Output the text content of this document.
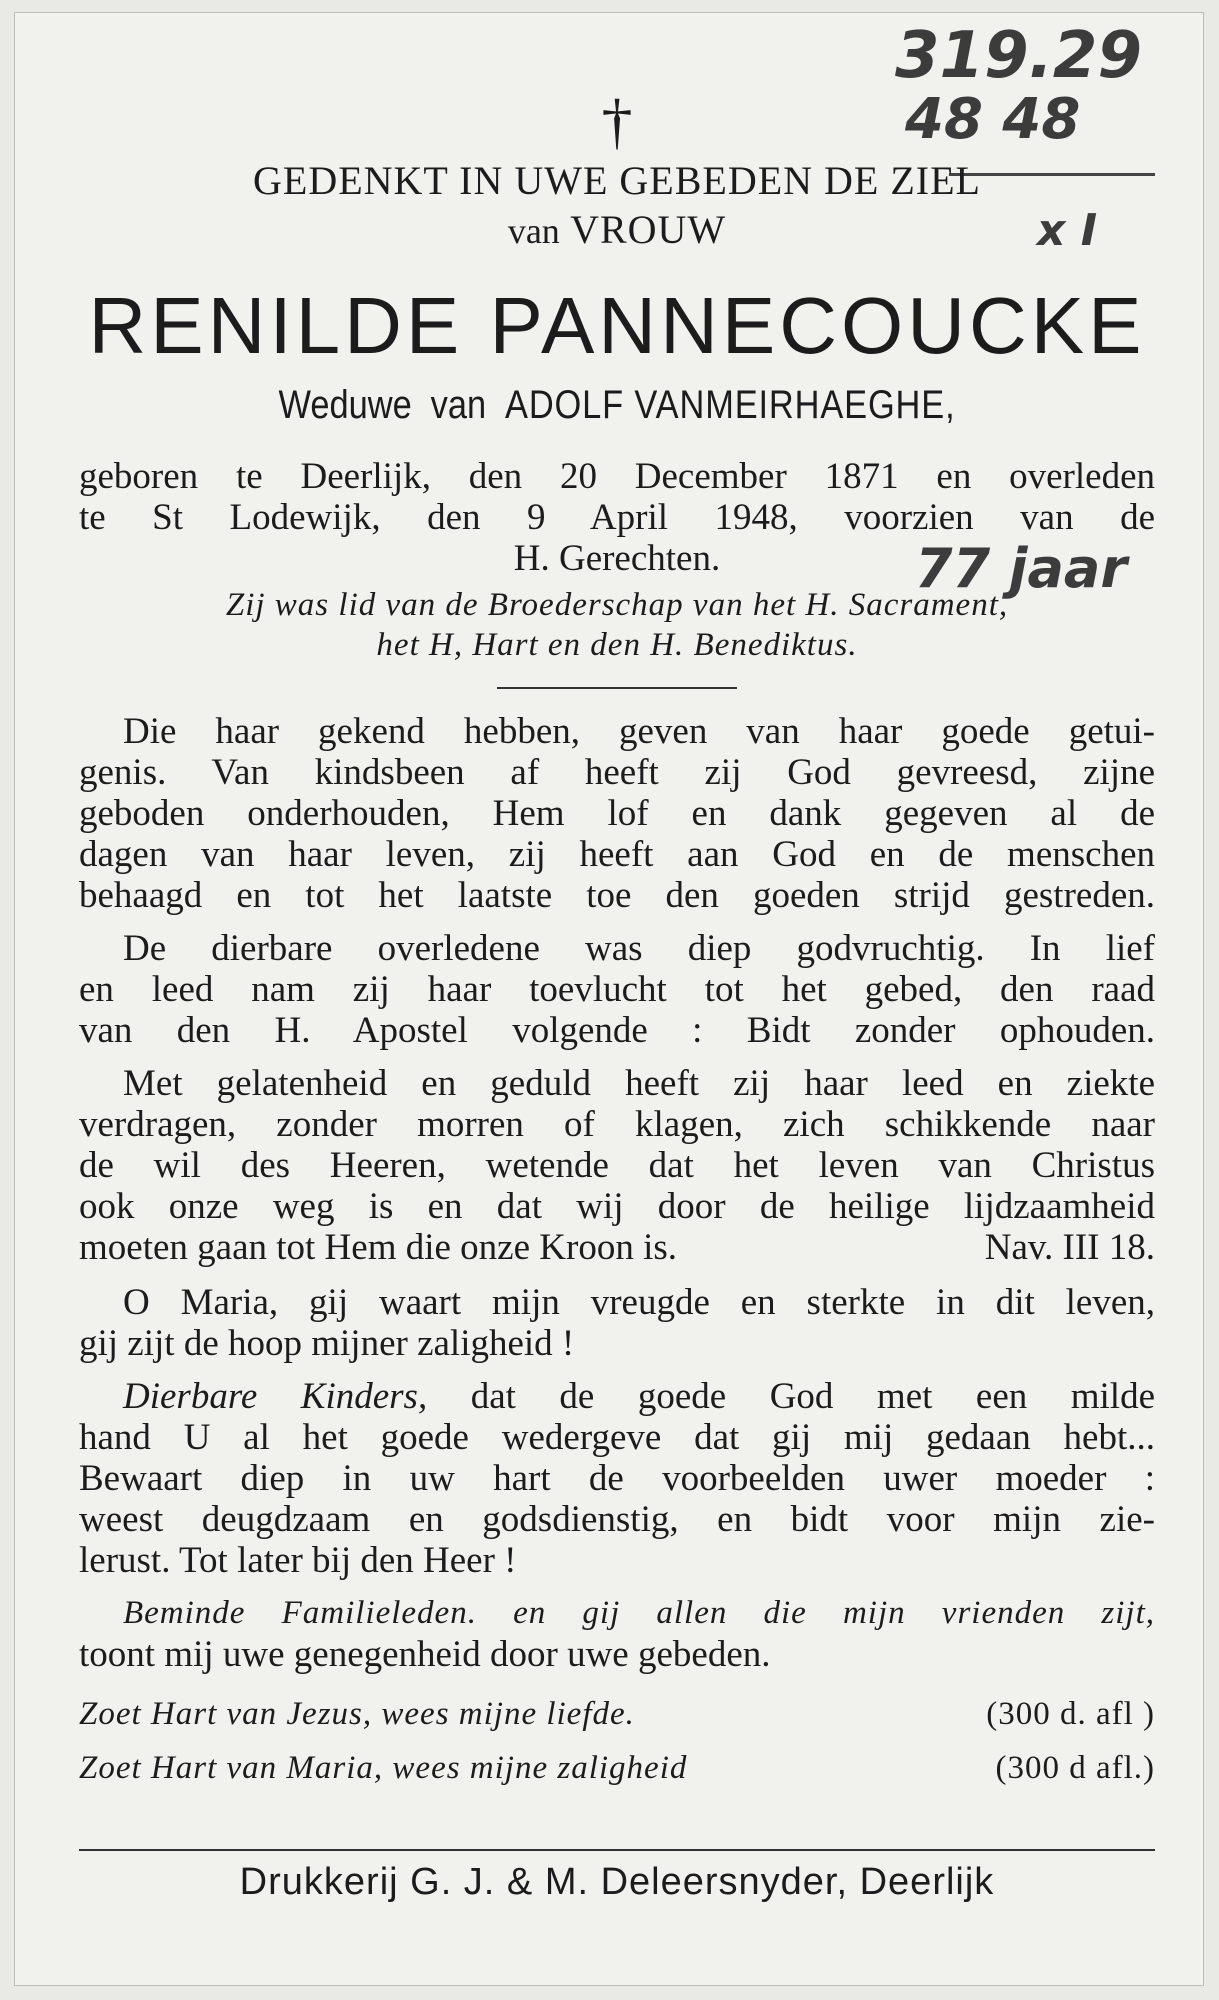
319.29
48 48
x I
77 jaar
†
GEDENKT IN UWE GEBEDEN DE ZIEL
van VROUW
RENILDE PANNECOUCKE
Weduwe van ADOLF VANMEIRHAEGHE,
geboren te Deerlijk, den 20 December 1871 en overleden
te St Lodewijk, den 9 April 1948, voorzien van de
H. Gerechten.
Zij was lid van de Broederschap van het H. Sacrament,
het H, Hart en den H. Benediktus.
Die haar gekend hebben, geven van haar goede getui-
genis. Van kindsbeen af heeft zij God gevreesd, zijne
geboden onderhouden, Hem lof en dank gegeven al de
dagen van haar leven, zij heeft aan God en de menschen
behaagd en tot het laatste toe den goeden strijd gestreden.
De dierbare overledene was diep godvruchtig. In lief
en leed nam zij haar toevlucht tot het gebed, den raad
van den H. Apostel volgende : Bidt zonder ophouden.
Met gelatenheid en geduld heeft zij haar leed en ziekte
verdragen, zonder morren of klagen, zich schikkende naar
de wil des Heeren, wetende dat het leven van Christus
ook onze weg is en dat wij door de heilige lijdzaamheid
moeten gaan tot Hem die onze Kroon is.	Nav. III 18.
O Maria, gij waart mijn vreugde en sterkte in dit leven,
gij zijt de hoop mijner zaligheid !
Dierbare Kinders, dat de goede God met een milde
hand U al het goede wedergeve dat gij mij gedaan hebt...
Bewaart diep in uw hart de voorbeelden uwer moeder :
weest deugdzaam en godsdienstig, en bidt voor mijn zie-
lerust. Tot later bij den Heer !
Beminde Familieleden. en gij allen die mijn vrienden zijt,
toont mij uwe genegenheid door uwe gebeden.
Zoet Hart van Jezus, wees mijne liefde.	(300 d. afl )
Zoet Hart van Maria, wees mijne zaligheid	(300 d afl.)
Drukkerij G. J. & M. Deleersnyder, Deerlijk
